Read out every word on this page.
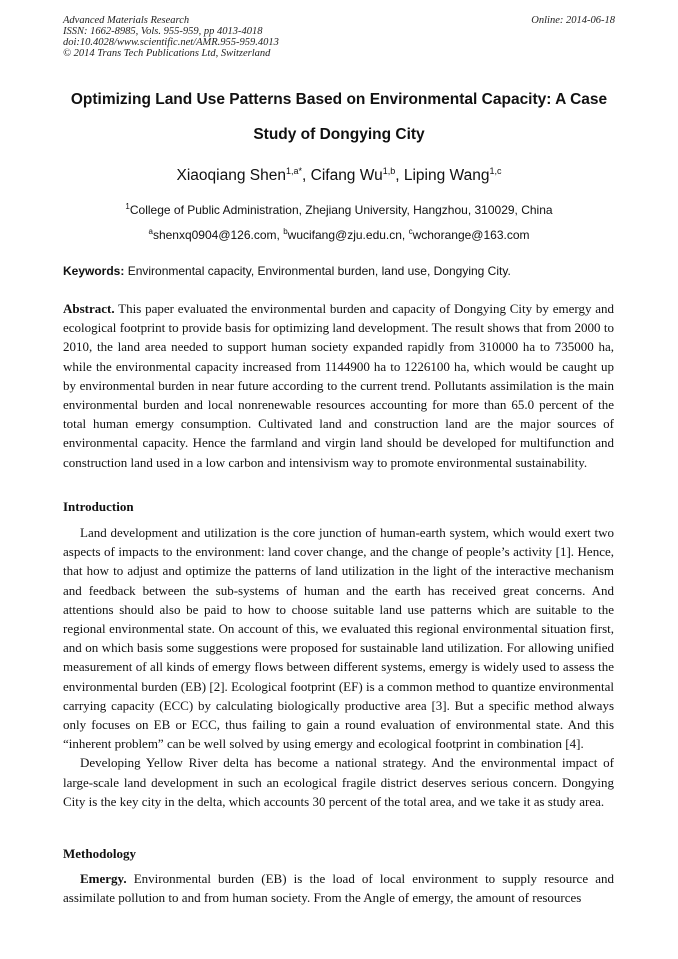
Advanced Materials Research
ISSN: 1662-8985, Vols. 955-959, pp 4013-4018
doi:10.4028/www.scientific.net/AMR.955-959.4013
© 2014 Trans Tech Publications Ltd, Switzerland
Online: 2014-06-18
Optimizing Land Use Patterns Based on Environmental Capacity: A Case
Study of Dongying City
Xiaoqiang Shen$^{1,a*}$, Cifang Wu$^{1,b}$, Liping Wang$^{1,c}$
$^1$College of Public Administration, Zhejiang University, Hangzhou, 310029, China
$^a$shenxq0904@126.com, $^b$wucifang@zju.edu.cn, $^c$wchorange@163.com
Keywords: Environmental capacity, Environmental burden, land use, Dongying City.

Abstract. This paper evaluated the environmental burden and capacity of Dongying City by emergy and ecological footprint to provide basis for optimizing land development. The result shows that from 2000 to 2010, the land area needed to support human society expanded rapidly from 310000 ha to 735000 ha, while the environmental capacity increased from 1144900 ha to 1226100 ha, which would be caught up by environmental burden in near future according to the current trend. Pollutants assimilation is the main environmental burden and local nonrenewable resources accounting for more than 65.0 percent of the total human emergy consumption. Cultivated land and construction land are the major sources of environmental capacity. Hence the farmland and virgin land should be developed for multifunction and construction land used in a low carbon and intensivism way to promote environmental sustainability.

Introduction

Land development and utilization is the core junction of human-earth system, which would exert two aspects of impacts to the environment: land cover change, and the change of people’s activity [1]. Hence, that how to adjust and optimize the patterns of land utilization in the light of the interactive mechanism and feedback between the sub-systems of human and the earth has received great concerns. And attentions should also be paid to how to choose suitable land use patterns which are suitable to the regional environmental state. On account of this, we evaluated this regional environmental situation first, and on which basis some suggestions were proposed for sustainable land utilization. For allowing unified measurement of all kinds of emergy flows between different systems, emergy is widely used to assess the environmental burden (EB) [2]. Ecological footprint (EF) is a common method to quantize environmental carrying capacity (ECC) by calculating biologically productive area [3]. But a specific method always only focuses on EB or ECC, thus failing to gain a round evaluation of environmental state. And this “inherent problem” can be well solved by using emergy and ecological footprint in combination [4].

Developing Yellow River delta has become a national strategy. And the environmental impact of large-scale land development in such an ecological fragile district deserves serious concern. Dongying City is the key city in the delta, which accounts 30 percent of the total area, and we take it as study area.

Methodology

Emergy. Environmental burden (EB) is the load of local environment to supply resource and assimilate pollution to and from human society. From the Angle of emergy, the amount of resources
